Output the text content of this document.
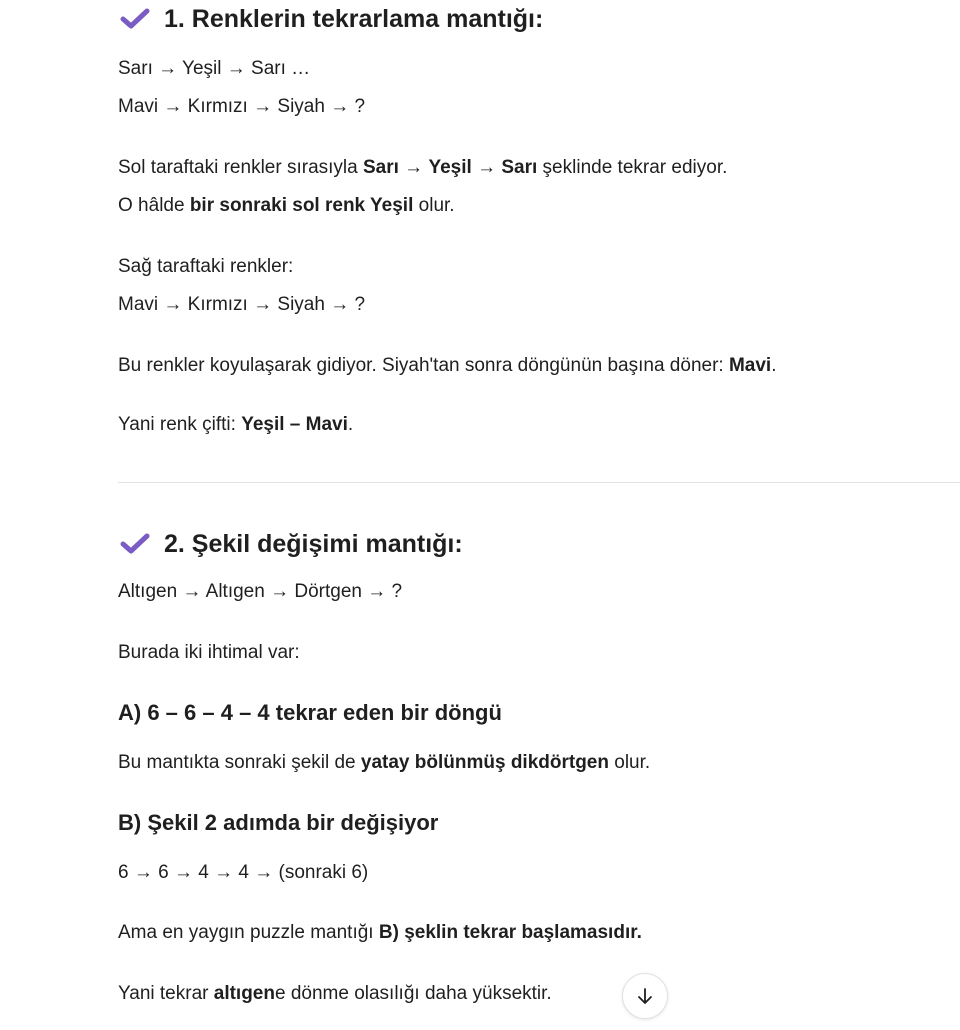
1. Renklerin tekrarlama mantığı:
Sarı → Yeşil → Sarı …
Mavi → Kırmızı → Siyah → ?
Sol taraftaki renkler sırasıyla Sarı → Yeşil → Sarı şeklinde tekrar ediyor.
O hâlde bir sonraki sol renk Yeşil olur.
Sağ taraftaki renkler:
Mavi → Kırmızı → Siyah → ?
Bu renkler koyulaşarak gidiyor. Siyah'tan sonra döngünün başına döner: Mavi.
Yani renk çifti: Yeşil – Mavi.
2. Şekil değişimi mantığı:
Altıgen → Altıgen → Dörtgen → ?
Burada iki ihtimal var:
A) 6 – 6 – 4 – 4 tekrar eden bir döngü
Bu mantıkta sonraki şekil de yatay bölünmüş dikdörtgen olur.
B) Şekil 2 adımda bir değişiyor
6 → 6 → 4 → 4 → (sonraki 6)
Ama en yaygın puzzle mantığı B) şeklin tekrar başlamasıdır.
Yani tekrar altıgene dönme olasılığı daha yüksektir.
